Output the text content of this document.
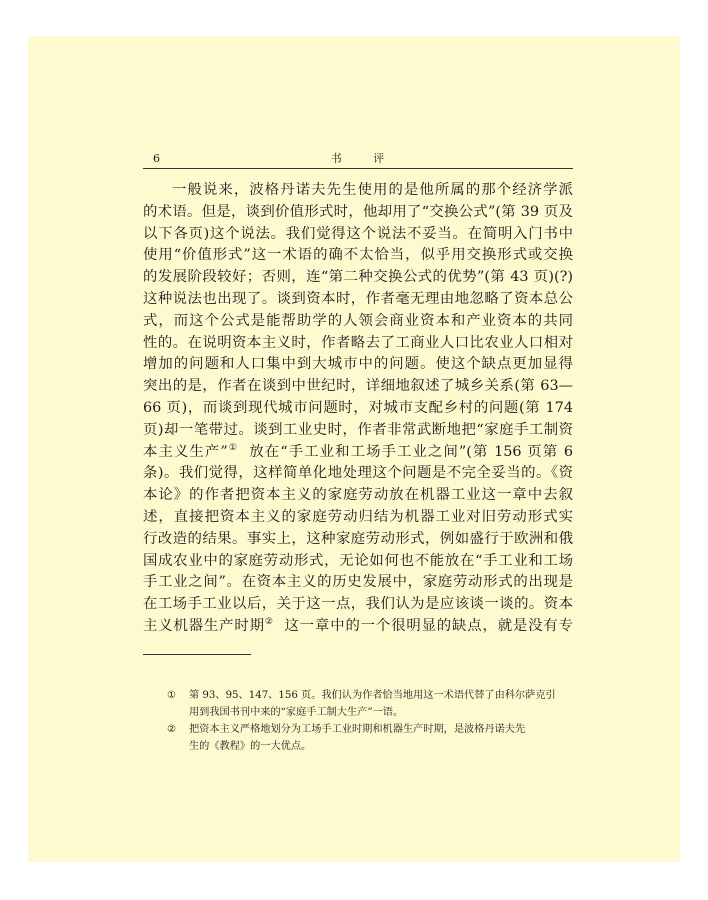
6	书 评
一般说来，波格丹诺夫先生使用的是他所属的那个经济学派
的术语。但是，谈到价值形式时，他却用了“交换公式”(第 39 页及
以下各页)这个说法。我们觉得这个说法不妥当。在简明入门书中
使用“价值形式”这一术语的确不太恰当，似乎用交换形式或交换
的发展阶段较好；否则，连“第二种交换公式的优势”(第 43 页)(?)
这种说法也出现了。谈到资本时，作者毫无理由地忽略了资本总公
式，而这个公式是能帮助学的人领会商业资本和产业资本的共同
性的。在说明资本主义时，作者略去了工商业人口比农业人口相对
增加的问题和人口集中到大城市中的问题。使这个缺点更加显得
突出的是，作者在谈到中世纪时，详细地叙述了城乡关系(第 63—
66 页)，而谈到现代城市问题时，对城市支配乡村的问题(第 174
页)却一笔带过。谈到工业史时，作者非常武断地把“家庭手工制资
本主义生产”① 放在“手工业和工场手工业之间”(第 156 页第 6
条)。我们觉得，这样简单化地处理这个问题是不完全妥当的。《资
本论》的作者把资本主义的家庭劳动放在机器工业这一章中去叙
述，直接把资本主义的家庭劳动归结为机器工业对旧劳动形式实
行改造的结果。事实上，这种家庭劳动形式，例如盛行于欧洲和俄
国成农业中的家庭劳动形式，无论如何也不能放在“手工业和工场
手工业之间”。在资本主义的历史发展中，家庭劳动形式的出现是
在工场手工业以后，关于这一点，我们认为是应该谈一谈的。资本
主义机器生产时期② 这一章中的一个很明显的缺点，就是没有专
① 第 93、95、147、156 页。我们认为作者恰当地用这一术语代替了由科尔萨克引
用到我国书刊中来的“家庭手工制大生产”一语。
② 把资本主义严格地划分为工场手工业时期和机器生产时期，是波格丹诺夫先
生的《教程》的一大优点。
